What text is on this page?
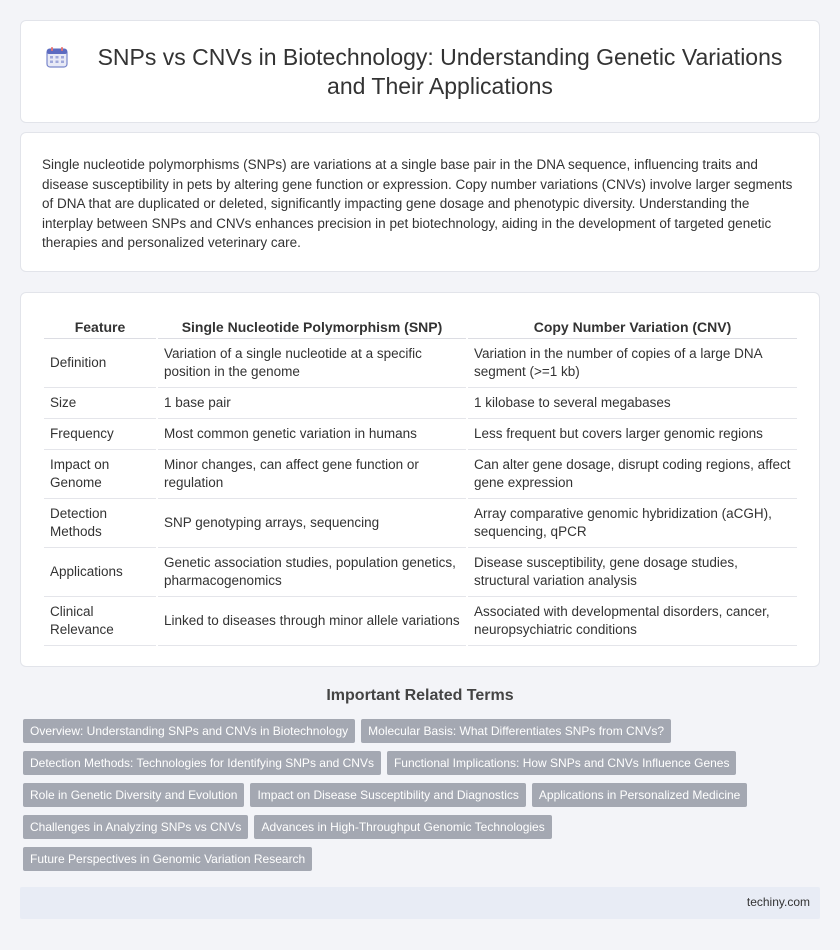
SNPs vs CNVs in Biotechnology: Understanding Genetic Variations and Their Applications

Single nucleotide polymorphisms (SNPs) are variations at a single base pair in the DNA sequence, influencing traits and disease susceptibility in pets by altering gene function or expression. Copy number variations (CNVs) involve larger segments of DNA that are duplicated or deleted, significantly impacting gene dosage and phenotypic diversity. Understanding the interplay between SNPs and CNVs enhances precision in pet biotechnology, aiding in the development of targeted genetic therapies and personalized veterinary care.

Feature	Single Nucleotide Polymorphism (SNP)	Copy Number Variation (CNV)
Definition	Variation of a single nucleotide at a specific position in the genome	Variation in the number of copies of a large DNA segment (>=1 kb)
Size	1 base pair	1 kilobase to several megabases
Frequency	Most common genetic variation in humans	Less frequent but covers larger genomic regions
Impact on Genome	Minor changes, can affect gene function or regulation	Can alter gene dosage, disrupt coding regions, affect gene expression
Detection Methods	SNP genotyping arrays, sequencing	Array comparative genomic hybridization (aCGH), sequencing, qPCR
Applications	Genetic association studies, population genetics, pharmacogenomics	Disease susceptibility, gene dosage studies, structural variation analysis
Clinical Relevance	Linked to diseases through minor allele variations	Associated with developmental disorders, cancer, neuropsychiatric conditions
Important Related Terms
Overview: Understanding SNPs and CNVs in Biotechnology	Molecular Basis: What Differentiates SNPs from CNVs?
Detection Methods: Technologies for Identifying SNPs and CNVs	Functional Implications: How SNPs and CNVs Influence Genes
Role in Genetic Diversity and Evolution	Impact on Disease Susceptibility and Diagnostics	Applications in Personalized Medicine
Challenges in Analyzing SNPs vs CNVs	Advances in High-Throughput Genomic Technologies
Future Perspectives in Genomic Variation Research
techiny.com
